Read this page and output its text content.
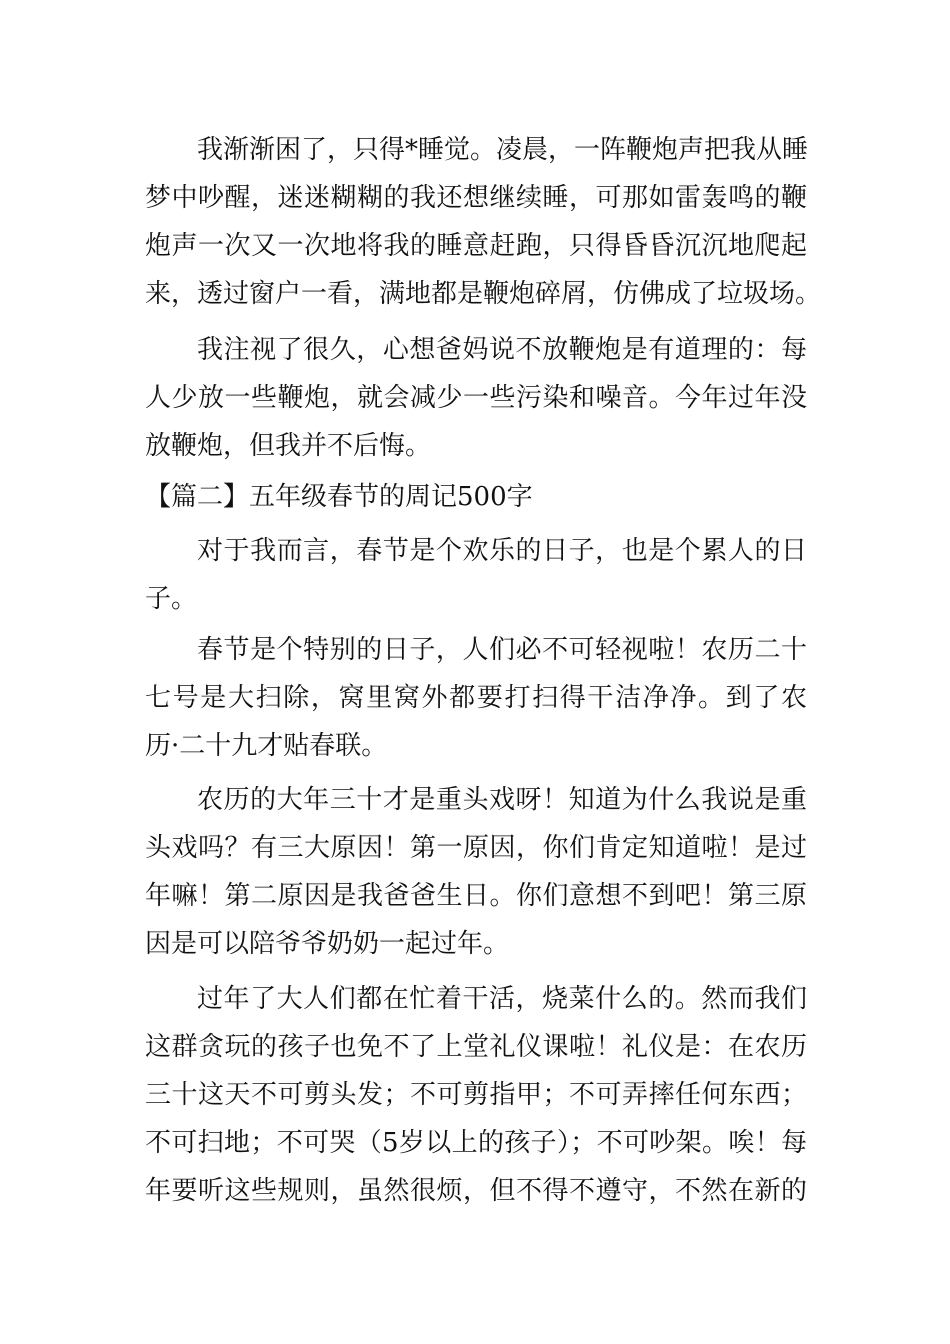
我渐渐困了，只得*睡觉。凌晨，一阵鞭炮声把我从睡
梦中吵醒，迷迷糊糊的我还想继续睡，可那如雷轰鸣的鞭
炮声一次又一次地将我的睡意赶跑，只得昏昏沉沉地爬起
来，透过窗户一看，满地都是鞭炮碎屑，仿佛成了垃圾场。
我注视了很久，心想爸妈说不放鞭炮是有道理的：每
人少放一些鞭炮，就会减少一些污染和噪音。今年过年没
放鞭炮，但我并不后悔。
【篇二】五年级春节的周记500字
对于我而言，春节是个欢乐的日子，也是个累人的日
子。
春节是个特别的日子，人们必不可轻视啦！农历二十
七号是大扫除，窝里窝外都要打扫得干洁净净。到了农
历·二十九才贴春联。
农历的大年三十才是重头戏呀！知道为什么我说是重
头戏吗？有三大原因！第一原因，你们肯定知道啦！是过
年嘛！第二原因是我爸爸生日。你们意想不到吧！第三原
因是可以陪爷爷奶奶一起过年。
过年了大人们都在忙着干活，烧菜什么的。然而我们
这群贪玩的孩子也免不了上堂礼仪课啦！礼仪是：在农历
三十这天不可剪头发；不可剪指甲；不可弄摔任何东西；
不可扫地；不可哭（5岁以上的孩子）；不可吵架。唉！每
年要听这些规则，虽然很烦，但不得不遵守，不然在新的
